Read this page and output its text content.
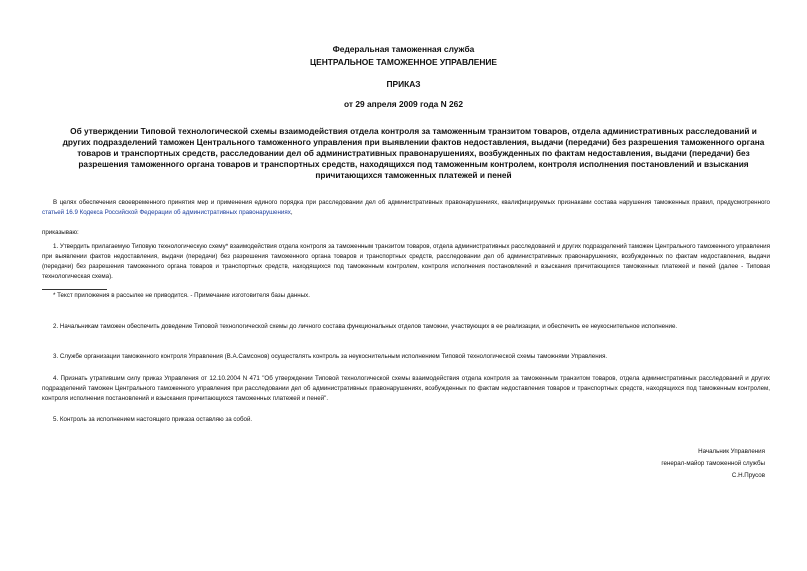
Федеральная таможенная служба
ЦЕНТРАЛЬНОЕ ТАМОЖЕННОЕ УПРАВЛЕНИЕ
ПРИКАЗ
от 29 апреля 2009 года N 262
Об утверждении Типовой технологической схемы взаимодействия отдела контроля за таможенным транзитом товаров, отдела административных расследований и других подразделений таможен Центрального таможенного управления при выявлении фактов недоставления, выдачи (передачи) без разрешения таможенного органа товаров и транспортных средств, расследовании дел об административных правонарушениях, возбужденных по фактам недоставления, выдачи (передачи) без разрешения таможенного органа товаров и транспортных средств, находящихся под таможенным контролем, контроля исполнения постановлений и взыскания причитающихся таможенных платежей и пеней
В целях обеспечения своевременного принятия мер и применения единого порядка при расследовании дел об административных правонарушениях, квалифицируемых признаками состава нарушения таможенных правил, предусмотренного статьей 16.9 Кодекса Российской Федерации об административных правонарушениях,
приказываю:
1. Утвердить прилагаемую Типовую технологическую схему* взаимодействия отдела контроля за таможенным транзитом товаров, отдела административных расследований и других подразделений таможен Центрального таможенного управления при выявлении фактов недоставления, выдачи (передачи) без разрешения таможенного органа товаров и транспортных средств, расследовании дел об административных правонарушениях, возбужденных по фактам недоставления, выдачи (передачи) без разрешения таможенного органа товаров и транспортных средств, находящихся под таможенным контролем, контроля исполнения постановлений и взыскания причитающихся таможенных платежей и пеней (далее - Типовая технологическая схема).
* Текст приложения в рассылке не приводится. - Примечание изготовителя базы данных.
2. Начальникам таможен обеспечить доведение Типовой технологической схемы до личного состава функциональных отделов таможни, участвующих в ее реализации, и обеспечить ее неукоснительное исполнение.
3. Службе организации таможенного контроля Управления (В.А.Самсонов) осуществлять контроль за неукоснительным исполнением Типовой технологической схемы таможнями Управления.
4. Признать утратившим силу приказ Управления от 12.10.2004 N 471 "Об утверждении Типовой технологической схемы взаимодействия отдела контроля за таможенным транзитом товаров, отдела административных расследований и других подразделений таможен Центрального таможенного управления при расследовании дел об административных правонарушениях, возбужденных по фактам недоставления товаров и транспортных средств, находящихся под таможенным контролем, контроля исполнения постановлений и взыскания причитающихся таможенных платежей и пеней".
5. Контроль за исполнением настоящего приказа оставляю за собой.
Начальник Управления
генерал-майор таможенной службы
С.Н.Прусов
